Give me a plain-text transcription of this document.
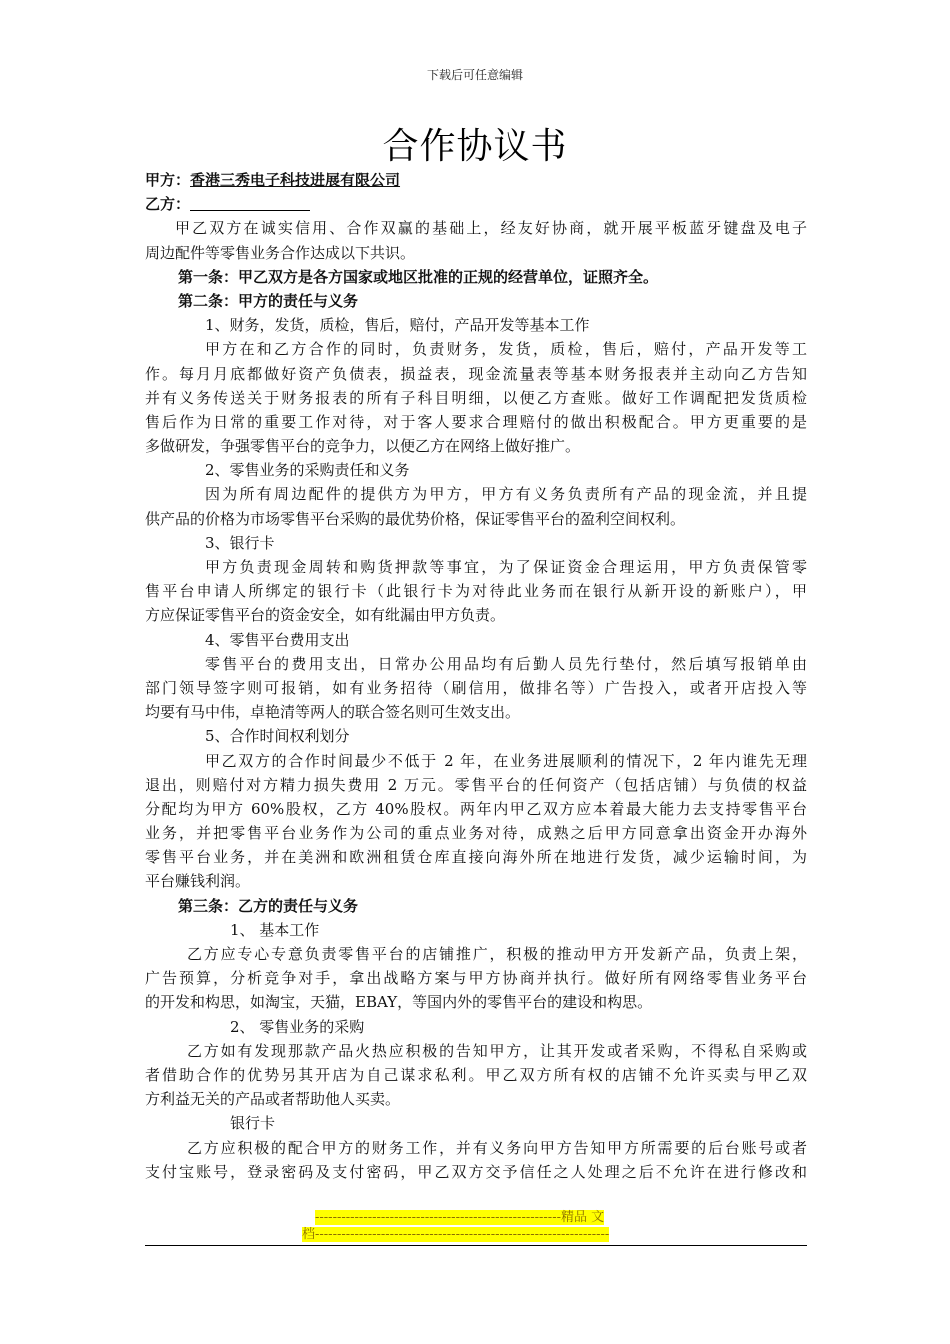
下载后可任意编辑
合作协议书
甲方：香港三秀电子科技进展有限公司
乙方：
甲乙双方在诚实信用、合作双赢的基础上，经友好协商，就开展平板蓝牙键盘及电子
周边配件等零售业务合作达成以下共识。
第一条：甲乙双方是各方国家或地区批准的正规的经营单位，证照齐全。
第二条：甲方的责任与义务
1、财务，发货，质检，售后，赔付，产品开发等基本工作
甲方在和乙方合作的同时，负责财务，发货，质检，售后，赔付，产品开发等工
作。每月月底都做好资产负债表，损益表，现金流量表等基本财务报表并主动向乙方告知
并有义务传送关于财务报表的所有子科目明细，以便乙方查账。做好工作调配把发货质检
售后作为日常的重要工作对待，对于客人要求合理赔付的做出积极配合。甲方更重要的是
多做研发，争强零售平台的竞争力，以便乙方在网络上做好推广。
2、零售业务的采购责任和义务
因为所有周边配件的提供方为甲方，甲方有义务负责所有产品的现金流，并且提
供产品的价格为市场零售平台采购的最优势价格，保证零售平台的盈利空间权利。
3、银行卡
甲方负责现金周转和购货押款等事宜，为了保证资金合理运用，甲方负责保管零
售平台申请人所绑定的银行卡（此银行卡为对待此业务而在银行从新开设的新账户），甲
方应保证零售平台的资金安全，如有纰漏由甲方负责。
4、零售平台费用支出
零售平台的费用支出，日常办公用品均有后勤人员先行垫付，然后填写报销单由
部门领导签字则可报销，如有业务招待（刷信用，做排名等）广告投入，或者开店投入等
均要有马中伟，卓艳清等两人的联合签名则可生效支出。
5、合作时间权利划分
甲乙双方的合作时间最少不低于 2 年，在业务进展顺利的情况下，2 年内谁先无理
退出，则赔付对方精力损失费用 2 万元。零售平台的任何资产（包括店铺）与负债的权益
分配均为甲方 60%股权，乙方 40%股权。两年内甲乙双方应本着最大能力去支持零售平台
业务，并把零售平台业务作为公司的重点业务对待，成熟之后甲方同意拿出资金开办海外
零售平台业务，并在美洲和欧洲租赁仓库直接向海外所在地进行发货，减少运输时间，为
平台赚钱利润。
第三条：乙方的责任与义务
1、 基本工作
乙方应专心专意负责零售平台的店铺推广，积极的推动甲方开发新产品，负责上架，
广告预算，分析竞争对手，拿出战略方案与甲方协商并执行。做好所有网络零售业务平台
的开发和构思，如淘宝，天猫，EBAY，等国内外的零售平台的建设和构思。
2、 零售业务的采购
乙方如有发现那款产品火热应积极的告知甲方，让其开发或者采购，不得私自采购或
者借助合作的优势另其开店为自己谋求私利。甲乙双方所有权的店铺不允许买卖与甲乙双
方利益无关的产品或者帮助他人买卖。
银行卡
乙方应积极的配合甲方的财务工作，并有义务向甲方告知甲方所需要的后台账号或者
支付宝账号，登录密码及支付密码，甲乙双方交予信任之人处理之后不允许在进行修改和
--------------------------------------------------------精品 文
档-------------------------------------------------------------------
